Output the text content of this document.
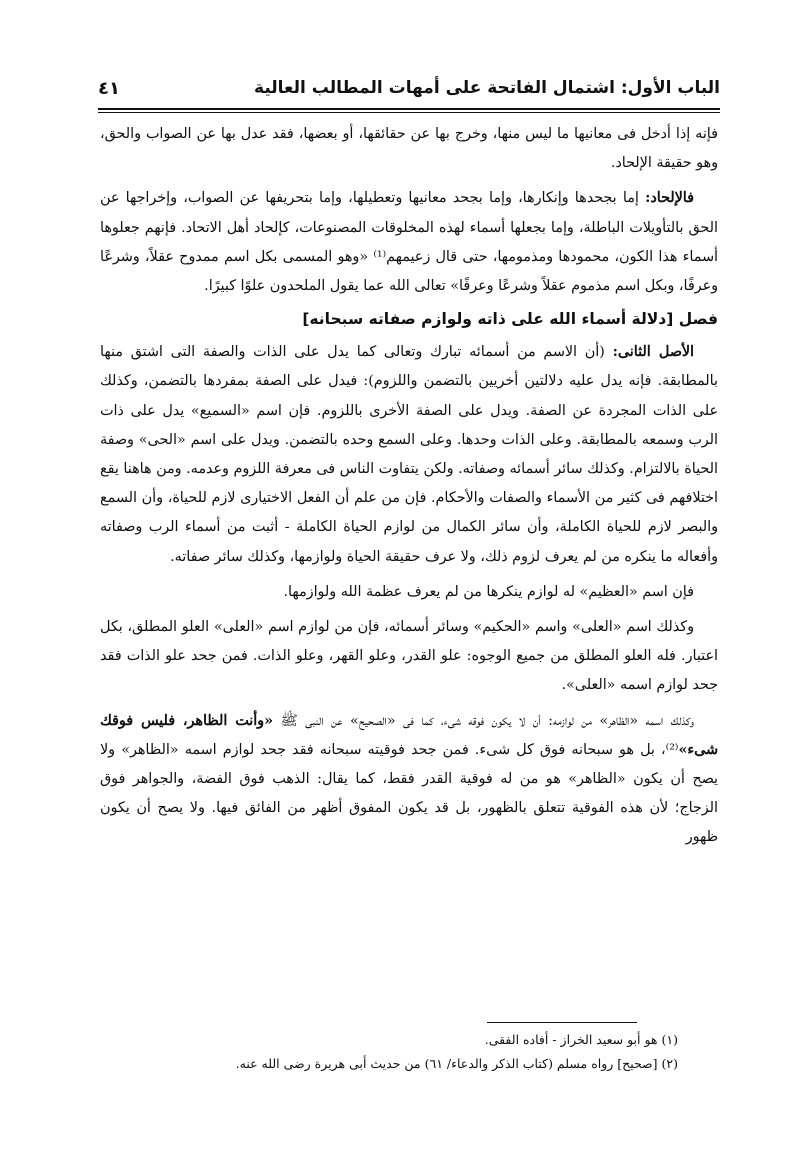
الباب الأول: اشتمال الفاتحة على أمهات المطالب العالية
٤١

فإنه إذا أدخل فى معانيها ما ليس منها، وخرج بها عن حقائقها، أو بعضها، فقد عدل بها عن الصواب والحق، وهو حقيقة الإلحاد.

فالإلحاد: إما بجحدها وإنكارها، وإما بجحد معانيها وتعطيلها، وإما بتحريفها عن الصواب، وإخراجها عن الحق بالتأويلات الباطلة، وإما بجعلها أسماء لهذه المخلوقات المصنوعات، كإلحاد أهل الاتحاد. فإنهم جعلوها أسماء هذا الكون، محمودها ومذمومها، حتى قال زعيمهم⁽¹⁾ «وهو المسمى بكل اسم ممدوح عقلاً، وشرعًا وعرفًا، وبكل اسم مذموم عقلاً وشرعًا وعرفًا» تعالى الله عما يقول الملحدون علوًا كبيرًا.

فصل [دلالة أسماء الله على ذاته ولوازم صفاته سبحانه]

الأصل الثانى: (أن الاسم من أسمائه تبارك وتعالى كما يدل على الذات والصفة التى اشتق منها بالمطابقة. فإنه يدل عليه دلالتين أخريين بالتضمن واللزوم): فيدل على الصفة بمفردها بالتضمن، وكذلك على الذات المجردة عن الصفة. ويدل على الصفة الأخرى باللزوم. فإن اسم «السميع» يدل على ذات الرب وسمعه بالمطابقة. وعلى الذات وحدها. وعلى السمع وحده بالتضمن. ويدل على اسم «الحى» وصفة الحياة بالالتزام. وكذلك سائر أسمائه وصفاته. ولكن يتفاوت الناس فى معرفة اللزوم وعدمه. ومن هاهنا يقع اختلافهم فى كثير من الأسماء والصفات والأحكام. فإن من علم أن الفعل الاختيارى لازم للحياة، وأن السمع والبصر لازم للحياة الكاملة، وأن سائر الكمال من لوازم الحياة الكاملة - أثبت من أسماء الرب وصفاته وأفعاله ما ينكره من لم يعرف لزوم ذلك، ولا عرف حقيقة الحياة ولوازمها، وكذلك سائر صفاته.

فإن اسم «العظيم» له لوازم ينكرها من لم يعرف عظمة الله ولوازمها.

وكذلك اسم «العلى» واسم «الحكيم» وسائر أسمائه، فإن من لوازم اسم «العلى» العلو المطلق، بكل اعتبار. فله العلو المطلق من جميع الوجوه: علو القدر، وعلو القهر، وعلو الذات. فمن جحد علو الذات فقد جحد لوازم اسمه «العلى».

وكذلك اسمه «الظاهر» من لوازمه: أن لا يكون فوقه شىء، كما فى «الصحيح» عن النبى ﷺ «وأنت الظاهر، فليس فوقك شىء»⁽²⁾، بل هو سبحانه فوق كل شىء. فمن جحد فوقيته سبحانه فقد جحد لوازم اسمه «الظاهر» ولا يصح أن يكون «الظاهر» هو من له فوقية القدر فقط، كما يقال: الذهب فوق الفضة، والجواهر فوق الزجاج؛ لأن هذه الفوقية تتعلق بالظهور، بل قد يكون المفوق أظهر من الفائق فيها. ولا يصح أن يكون ظهور

(١) هو أبو سعيد الخراز - أفاده الفقى.

(٢) [صحيح] رواه مسلم (كتاب الذكر والدعاء/ ٦١) من حديث أبى هريرة رضى الله عنه.
